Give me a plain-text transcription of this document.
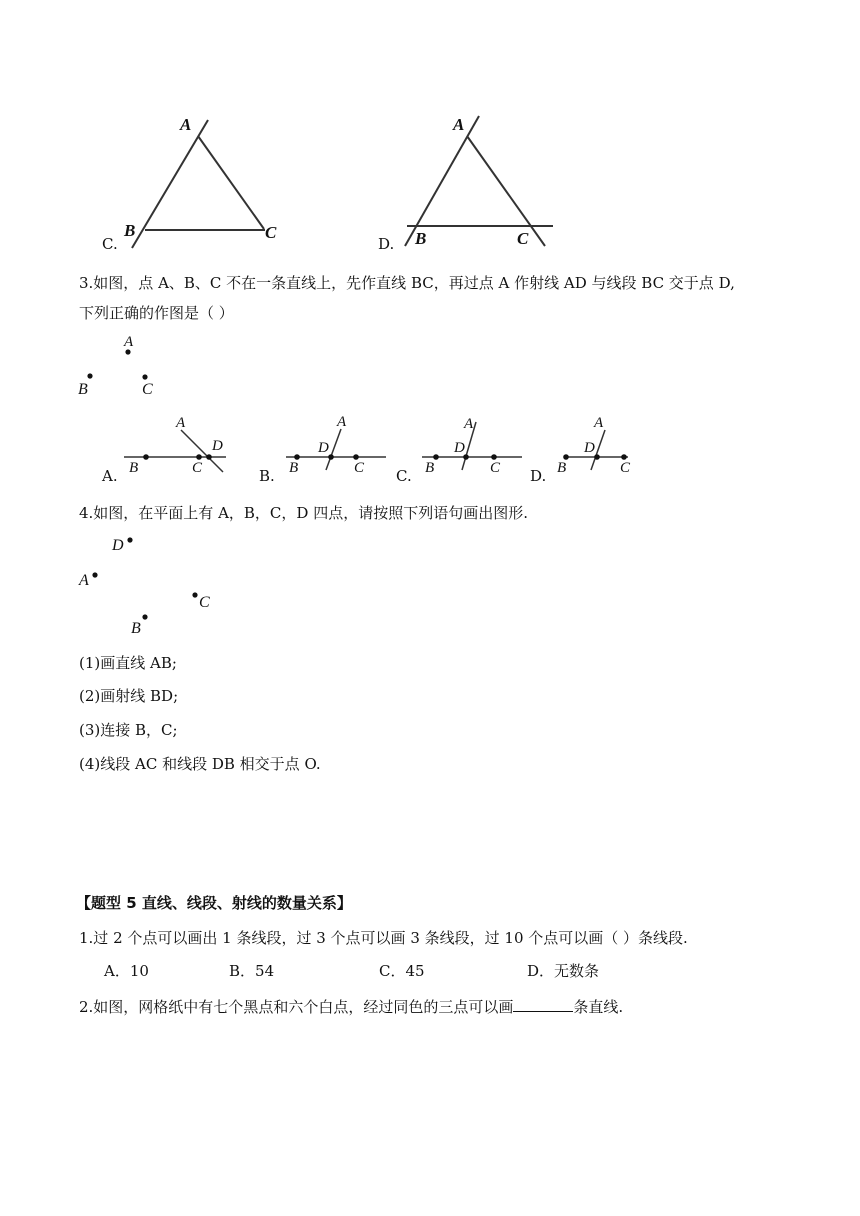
C.
A
B	C
D.
A
B	C
3.如图，点 A、B、C 不在一条直线上，先作直线 BC，再过点 A 作射线 AD 与线段 BC 交于点 D,
下列正确的作图是（ ）
A
B	C
A.
A
B	C
D
B.
A
B	C
D
C.
A
B	C
D
D.
A
B	C
D
4.如图，在平面上有 A，B，C，D 四点，请按照下列语句画出图形.
D
A
C
B
(1)画直线 AB;
(2)画射线 BD;
(3)连接 B，C;
(4)线段 AC 和线段 DB 相交于点 O.
【题型 5 直线、线段、射线的数量关系】
1.过 2 个点可以画出 1 条线段，过 3 个点可以画 3 条线段，过 10 个点可以画（ ）条线段.
A．10	B．54	C．45	D．无数条
2.如图，网格纸中有七个黑点和六个白点，经过同色的三点可以画	条直线.
